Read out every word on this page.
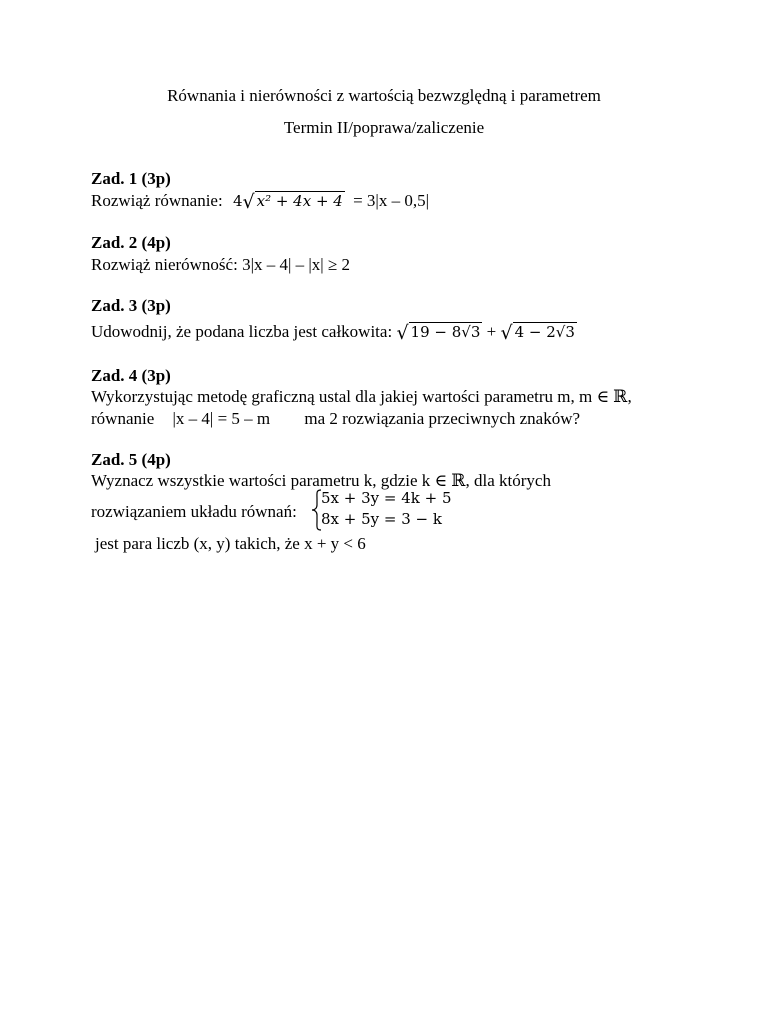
Równania i nierówności z wartością bezwzględną i parametrem
Termin II/poprawa/zaliczenie
Zad. 1 (3p)
Rozwiąż równanie: 4√ x² + 4x + 4 = 3|x – 0,5|
Zad. 2 (4p)
Rozwiąż nierówność: 3|x – 4| – |x| ≥ 2
Zad. 3 (3p)
Udowodnij, że podana liczba jest całkowita: √ 19 − 8√3 + √ 4 − 2√3
Zad. 4 (3p)
Wykorzystując metodę graficzną ustal dla jakiej wartości parametru m, m ∈ ℝ,
równanie |x – 4| = 5 – m ma 2 rozwiązania przeciwnych znaków?
Zad. 5 (4p)
Wyznacz wszystkie wartości parametru k, gdzie k ∈ ℝ, dla których
rozwiązaniem układu równań:
5x + 3y = 4k + 5
8x + 5y = 3 − k
jest para liczb (x, y) takich, że x + y < 6
